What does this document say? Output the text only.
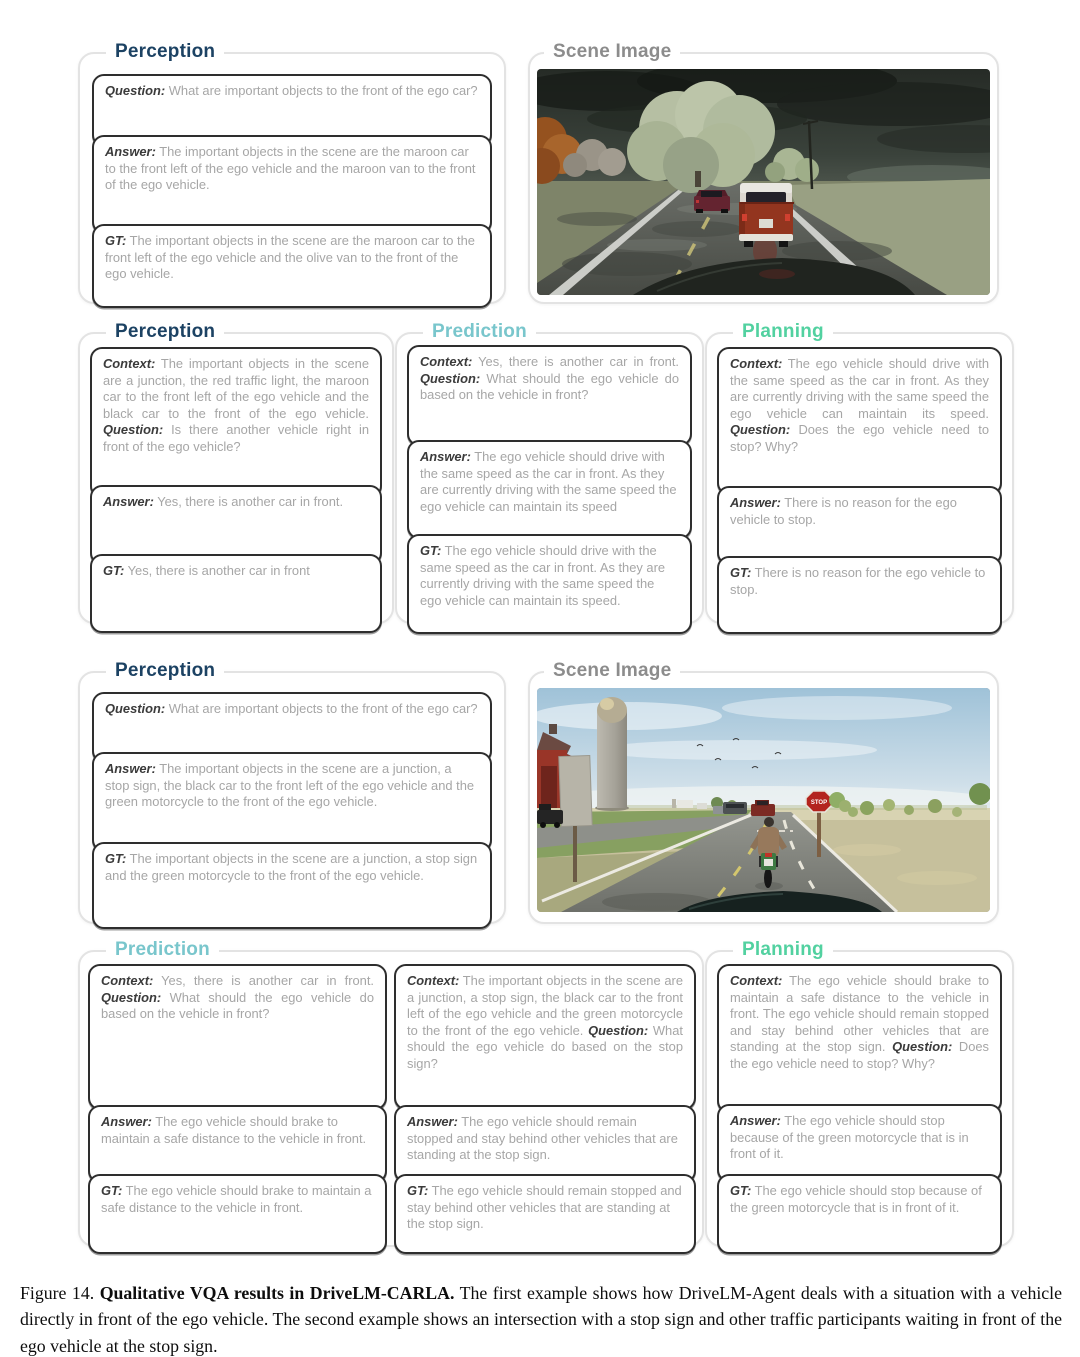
Perception
Question: What are important objects to the front of the ego car?
Answer: The important objects in the scene are the maroon car to the front left of the ego vehicle and the maroon van to the front of the ego vehicle.
GT: The important objects in the scene are the maroon car to the front left of the ego vehicle and the olive van to the front of the ego vehicle.
Scene Image
Perception
Context: The important objects in the scene are a junction, the red traffic light, the maroon car to the front left of the ego vehicle and the black car to the front of the ego vehicle. Question: Is there another vehicle right in front of the ego vehicle?
Answer: Yes, there is another car in front.
GT: Yes, there is another car in front
Prediction
Context: Yes, there is another car in front. Question: What should the ego vehicle do based on the vehicle in front?
Answer: The ego vehicle should drive with the same speed as the car in front. As they are currently driving with the same speed the ego vehicle can maintain its speed
GT: The ego vehicle should drive with the same speed as the car in front. As they are currently driving with the same speed the ego vehicle can maintain its speed.
Planning
Context: The ego vehicle should drive with the same speed as the car in front. As they are currently driving with the same speed the ego vehicle can maintain its speed. Question: Does the ego vehicle need to stop? Why?
Answer: There is no reason for the ego vehicle to stop.
GT: There is no reason for the ego vehicle to stop.
Perception
Question: What are important objects to the front of the ego car?
Answer: The important objects in the scene are a junction, a stop sign, the black car to the front left of the ego vehicle and the green motorcycle to the front of the ego vehicle.
GT: The important objects in the scene are a junction, a stop sign and the green motorcycle to the front of the ego vehicle.
Scene Image
STOP
Prediction
Context: Yes, there is another car in front. Question: What should the ego vehicle do based on the vehicle in front?
Answer: The ego vehicle should brake to maintain a safe distance to the vehicle in front.
GT: The ego vehicle should brake to maintain a safe distance to the vehicle in front.
Context: The important objects in the scene are a junction, a stop sign, the black car to the front left of the ego vehicle and the green motorcycle to the front of the ego vehicle. Question: What should the ego vehicle do based on the stop sign?
Answer: The ego vehicle should remain stopped and stay behind other vehicles that are standing at the stop sign.
GT: The ego vehicle should remain stopped and stay behind other vehicles that are standing at the stop sign.
Planning
Context: The ego vehicle should brake to maintain a safe distance to the vehicle in front. The ego vehicle should remain stopped and stay behind other vehicles that are standing at the stop sign. Question: Does the ego vehicle need to stop? Why?
Answer: The ego vehicle should stop because of the green motorcycle that is in front of it.
GT: The ego vehicle should stop because of the green motorcycle that is in front of it.

Figure 14. Qualitative VQA results in DriveLM-CARLA. The first example shows how DriveLM-Agent deals with a situation with a vehicle directly in front of the ego vehicle. The second example shows an intersection with a stop sign and other traffic participants waiting in front of the ego vehicle at the stop sign.
